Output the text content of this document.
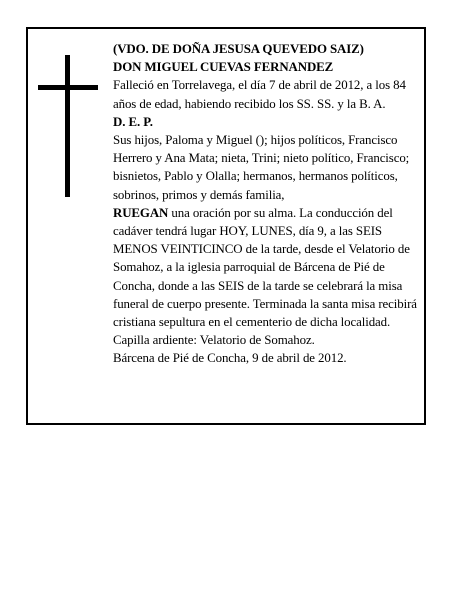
(VDO. DE DOÑA JESUSA QUEVEDO SAIZ)

DON MIGUEL CUEVAS FERNANDEZ

Falleció en Torrelavega, el día 7 de abril de 2012, a los 84 años de edad, habiendo recibido los SS. SS. y la B. A.

D. E. P.

Sus hijos, Paloma y Miguel (); hijos políticos, Francisco Herrero y Ana Mata; nieta, Trini; nieto político, Francisco; bisnietos, Pablo y Olalla; hermanos, hermanos políticos, sobrinos, primos y demás familia,

RUEGAN una oración por su alma. La conducción del cadáver tendrá lugar HOY, LUNES, día 9, a las SEIS MENOS VEINTICINCO de la tarde, desde el Velatorio de Somahoz, a la iglesia parroquial de Bárcena de Pié de Concha, donde a las SEIS de la tarde se celebrará la misa funeral de cuerpo presente. Terminada la santa misa recibirá cristiana sepultura en el cementerio de dicha localidad. Capilla ardiente: Velatorio de Somahoz.

Bárcena de Pié de Concha, 9 de abril de 2012.
